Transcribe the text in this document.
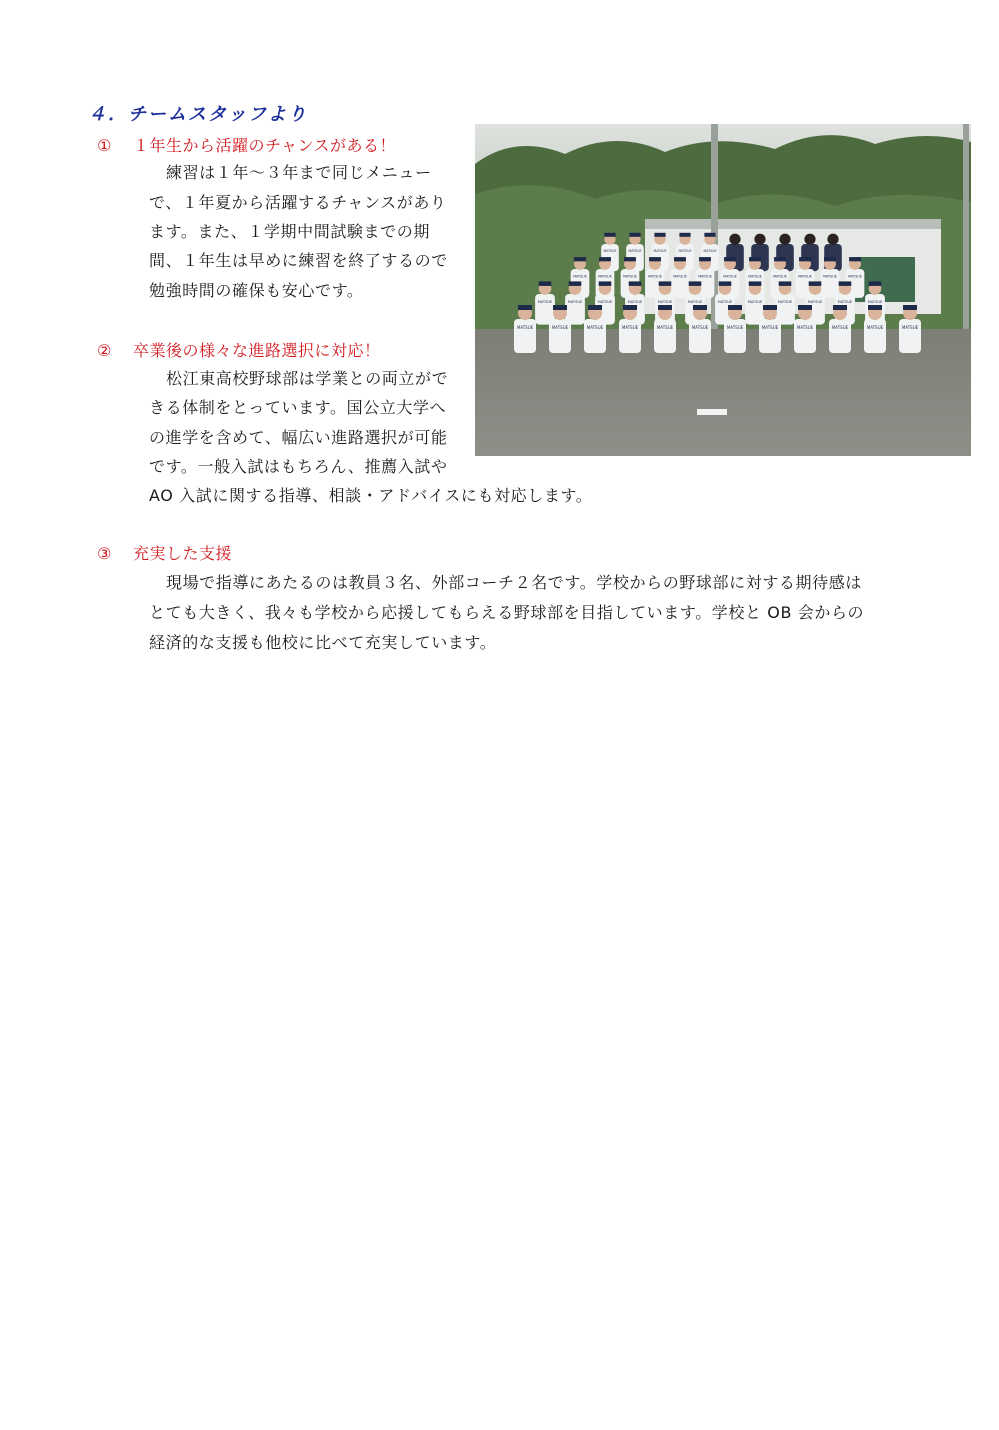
４．チームスタッフより
① １年生から活躍のチャンスがある！
練習は１年～３年まで同じメニュー
で、１年夏から活躍するチャンスがあり
ます。また、１学期中間試験までの期
間、１年生は早めに練習を終了するので
勉強時間の確保も安心です。
② 卒業後の様々な進路選択に対応！
松江東高校野球部は学業との両立がで
きる体制をとっています。国公立大学へ
の進学を含めて、幅広い進路選択が可能
です。一般入試はもちろん、推薦入試や
AO 入試に関する指導、相談・アドバイスにも対応します。
③ 充実した支援
現場で指導にあたるのは教員３名、外部コーチ２名です。学校からの野球部に対する期待感は
とても大きく、我々も学校から応援してもらえる野球部を目指しています。学校と OB 会からの
経済的な支援も他校に比べて充実しています。
MATSUE	MATSUE	MATSUE	MATSUE	MATSUE
MATSUE	MATSUE	MATSUE	MATSUE	MATSUE	MATSUE	MATSUE	MATSUE	MATSUE	MATSUE	MATSUE	MATSUE
MATSUE	MATSUE	MATSUE	MATSUE	MATSUE	MATSUE	MATSUE	MATSUE	MATSUE	MATSUE	MATSUE	MATSUE
MATSUE	MATSUE	MATSUE	MATSUE	MATSUE	MATSUE	MATSUE	MATSUE	MATSUE	MATSUE	MATSUE	MATSUE
